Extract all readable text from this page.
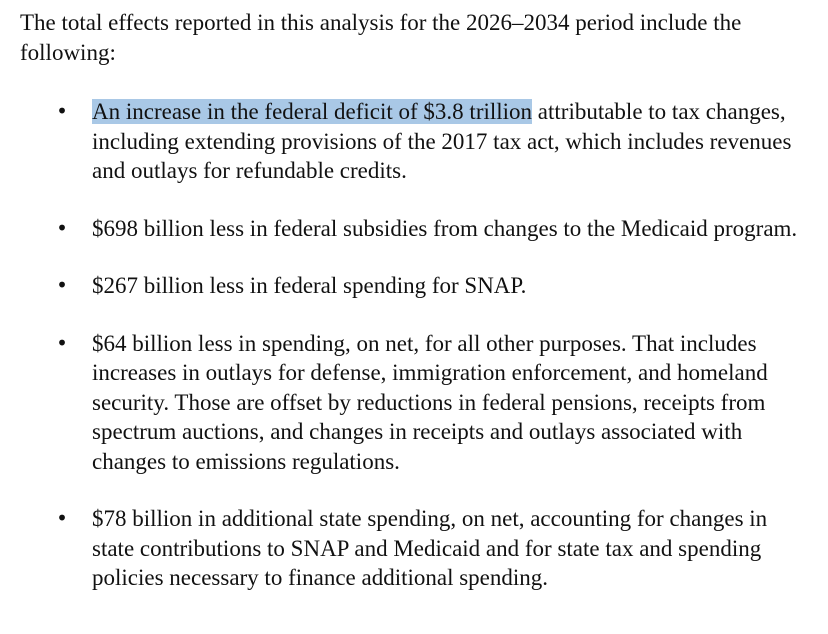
The total effects reported in this analysis for the 2026–2034 period include the following:

• An increase in the federal deficit of $3.8 trillion attributable to tax changes, including extending provisions of the 2017 tax act, which includes revenues and outlays for refundable credits.
• $698 billion less in federal subsidies from changes to the Medicaid program.
• $267 billion less in federal spending for SNAP.
• $64 billion less in spending, on net, for all other purposes. That includes increases in outlays for defense, immigration enforcement, and homeland security. Those are offset by reductions in federal pensions, receipts from spectrum auctions, and changes in receipts and outlays associated with changes to emissions regulations.
• $78 billion in additional state spending, on net, accounting for changes in state contributions to SNAP and Medicaid and for state tax and spending policies necessary to finance additional spending.
